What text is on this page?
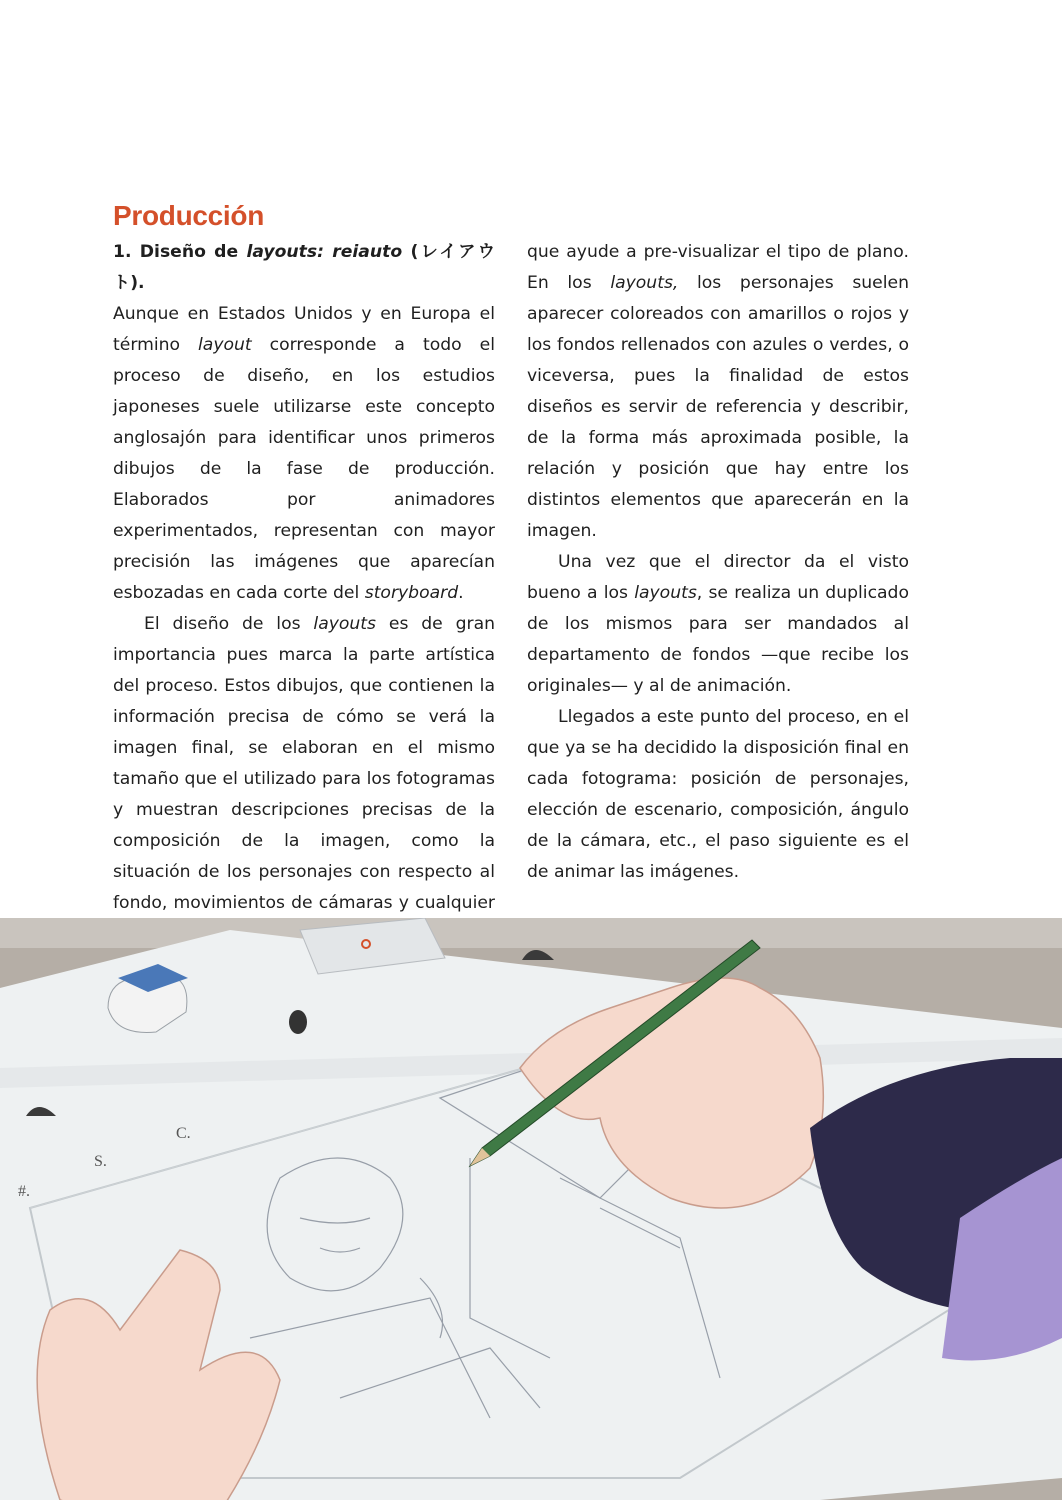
Producción

1. Diseño de layouts: reiauto (レイアウト).

Aunque en Estados Unidos y en Europa el término layout corresponde a todo el proceso de diseño, en los estudios japoneses suele utilizarse este concepto anglosajón para identificar unos primeros dibujos de la fase de producción. Elaborados por animadores experimentados, representan con mayor precisión las imágenes que aparecían esbozadas en cada corte del storyboard.

El diseño de los layouts es de gran importancia pues marca la parte artística del proceso. Estos dibujos, que contienen la información precisa de cómo se verá la imagen final, se elaboran en el mismo tamaño que el utilizado para los fotogramas y muestran descripciones precisas de la composición de la imagen, como la situación de los personajes con respecto al fondo, movimientos de cámaras y cualquier

que ayude a pre-visualizar el tipo de plano. En los layouts, los personajes suelen aparecer coloreados con amarillos o rojos y los fondos rellenados con azules o verdes, o viceversa, pues la finalidad de estos diseños es servir de referencia y describir, de la forma más aproximada posible, la relación y posición que hay entre los distintos elementos que aparecerán en la imagen.

Una vez que el director da el visto bueno a los layouts, se realiza un duplicado de los mismos para ser mandados al departamento de fondos —que recibe los originales— y al de animación.

Llegados a este punto del proceso, en el que ya se ha decidido la disposición final en cada fotograma: posición de personajes, elección de escenario, composición, ángulo de la cámara, etc., el paso siguiente es el de animar las imágenes.

#.
S.
C.
